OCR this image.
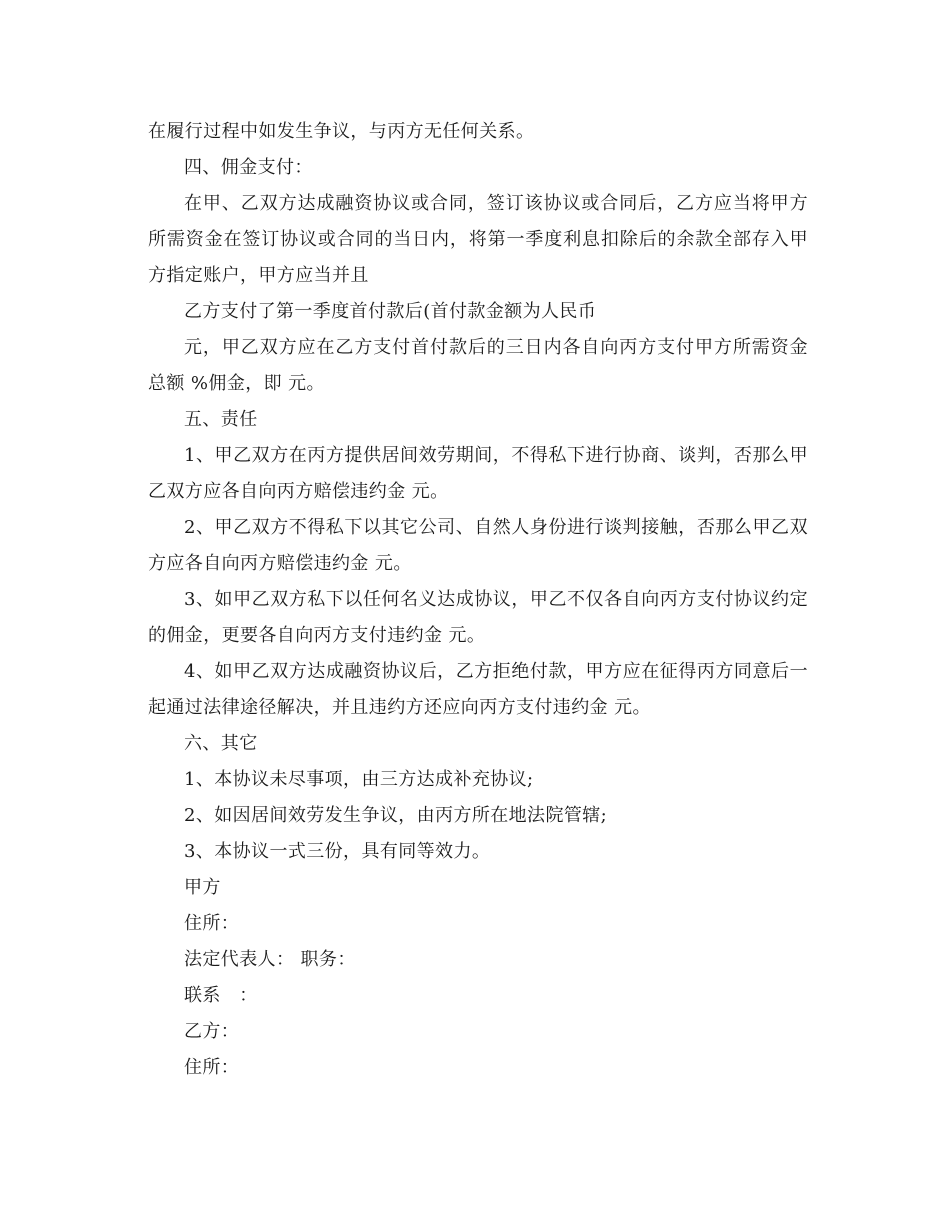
在履行过程中如发生争议，与丙方无任何关系。

四、佣金支付：

在甲、乙双方达成融资协议或合同，签订该协议或合同后，乙方应当将甲方所需资金在签订协议或合同的当日内，将第一季度利息扣除后的余款全部存入甲方指定账户，甲方应当并且

乙方支付了第一季度首付款后(首付款金额为人民币

元，甲乙双方应在乙方支付首付款后的三日内各自向丙方支付甲方所需资金总额 %佣金，即 元。

五、责任

1、甲乙双方在丙方提供居间效劳期间，不得私下进行协商、谈判，否那么甲乙双方应各自向丙方赔偿违约金 元。

2、甲乙双方不得私下以其它公司、自然人身份进行谈判接触，否那么甲乙双方应各自向丙方赔偿违约金 元。

3、如甲乙双方私下以任何名义达成协议，甲乙不仅各自向丙方支付协议约定的佣金，更要各自向丙方支付违约金 元。

4、如甲乙双方达成融资协议后，乙方拒绝付款，甲方应在征得丙方同意后一起通过法律途径解决，并且违约方还应向丙方支付违约金 元。

六、其它

1、本协议未尽事项，由三方达成补充协议;

2、如因居间效劳发生争议，由丙方所在地法院管辖;

3、本协议一式三份，具有同等效力。

甲方

住所：

法定代表人： 职务：

联系　：

乙方：

住所：
